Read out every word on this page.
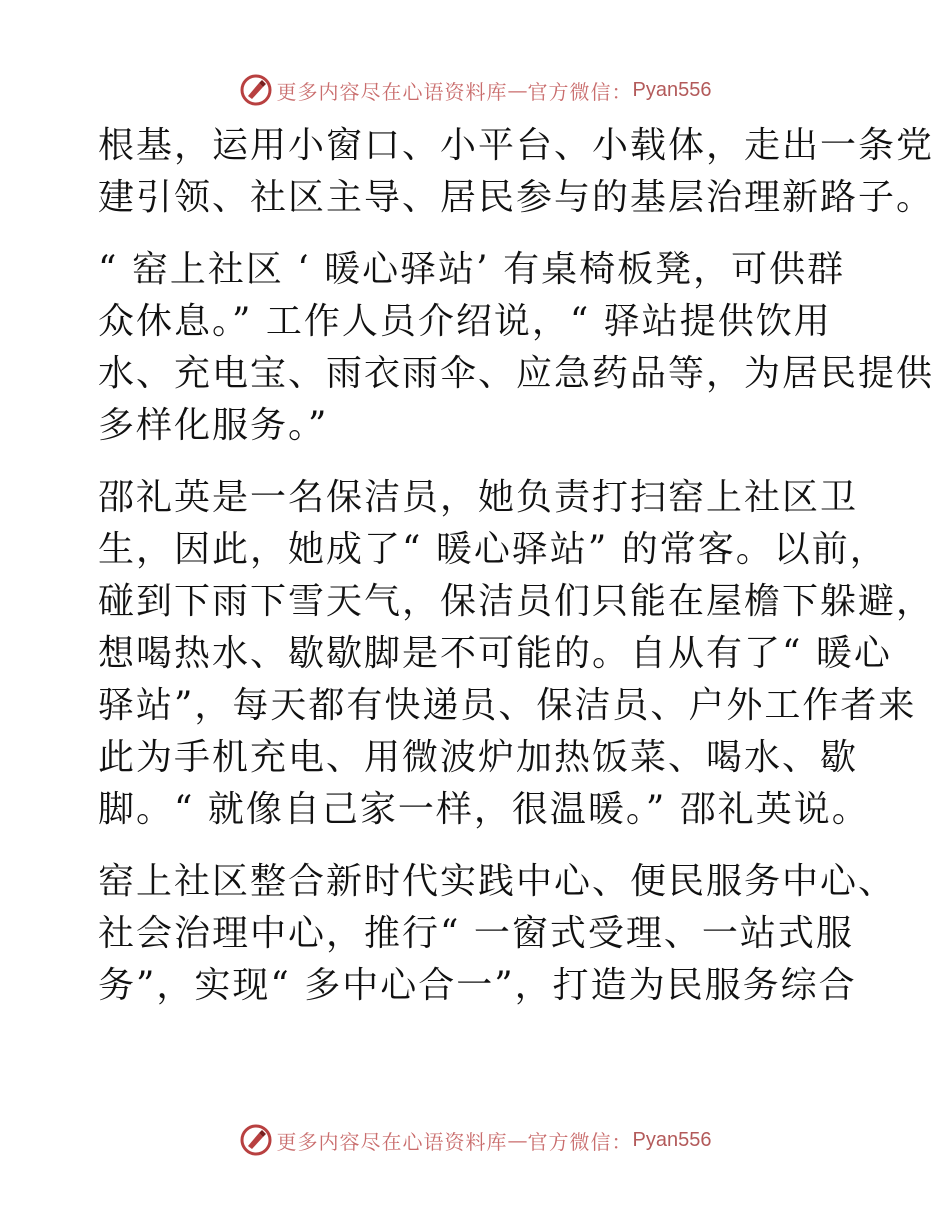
更多内容尽在心语资料库 — 官方微信： Pyan556
根基，运用小窗口、小平台、小载体，走出一条党
建引领、社区主导、居民参与的基层治理新路子。
“ 窑上社区 ‘ 暖心驿站’ 有桌椅板凳，可供群
众休息。” 工作人员介绍说，“ 驿站提供饮用
水、充电宝、雨衣雨伞、应急药品等，为居民提供
多样化服务。”
邵礼英是一名保洁员，她负责打扫窑上社区卫
生，因此，她成了“ 暖心驿站” 的常客。以前，
碰到下雨下雪天气，保洁员们只能在屋檐下躲避，
想喝热水、歇歇脚是不可能的。自从有了“ 暖心
驿站”，每天都有快递员、保洁员、户外工作者来
此为手机充电、用微波炉加热饭菜、喝水、歇
脚。“ 就像自己家一样，很温暖。” 邵礼英说。
窑上社区整合新时代实践中心、便民服务中心、
社会治理中心，推行“ 一窗式受理、一站式服
务”，实现“ 多中心合一”，打造为民服务综合
更多内容尽在心语资料库 — 官方微信： Pyan556
